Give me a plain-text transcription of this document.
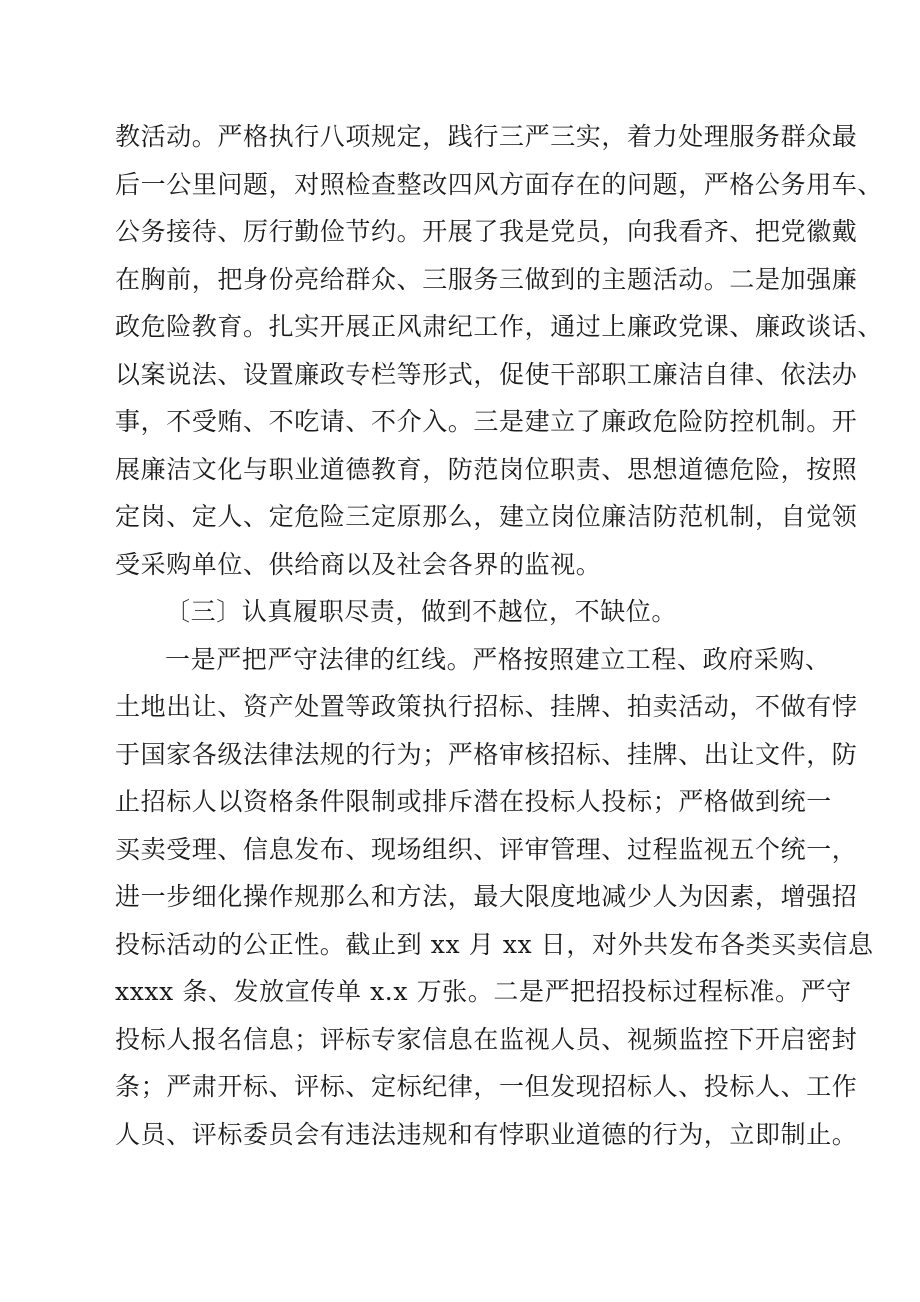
教活动。严格执行八项规定，践行三严三实，着力处理服务群众最
后一公里问题，对照检查整改四风方面存在的问题，严格公务用车、
公务接待、厉行勤俭节约。开展了我是党员，向我看齐、把党徽戴
在胸前，把身份亮给群众、三服务三做到的主题活动。二是加强廉
政危险教育。扎实开展正风肃纪工作，通过上廉政党课、廉政谈话、
以案说法、设置廉政专栏等形式，促使干部职工廉洁自律、依法办
事，不受贿、不吃请、不介入。三是建立了廉政危险防控机制。开
展廉洁文化与职业道德教育，防范岗位职责、思想道德危险，按照
定岗、定人、定危险三定原那么，建立岗位廉洁防范机制，自觉领
受采购单位、供给商以及社会各界的监视。
〔三〕认真履职尽责，做到不越位，不缺位。
一是严把严守法律的红线。严格按照建立工程、政府采购、
土地出让、资产处置等政策执行招标、挂牌、拍卖活动，不做有悖
于国家各级法律法规的行为；严格审核招标、挂牌、出让文件，防
止招标人以资格条件限制或排斥潜在投标人投标；严格做到统一
买卖受理、信息发布、现场组织、评审管理、过程监视五个统一，
进一步细化操作规那么和方法，最大限度地减少人为因素，增强招
投标活动的公正性。截止到 xx 月 xx 日，对外共发布各类买卖信息
xxxx 条、发放宣传单 x.x 万张。二是严把招投标过程标准。严守
投标人报名信息；评标专家信息在监视人员、视频监控下开启密封
条；严肃开标、评标、定标纪律，一但发现招标人、投标人、工作
人员、评标委员会有违法违规和有悖职业道德的行为，立即制止。
